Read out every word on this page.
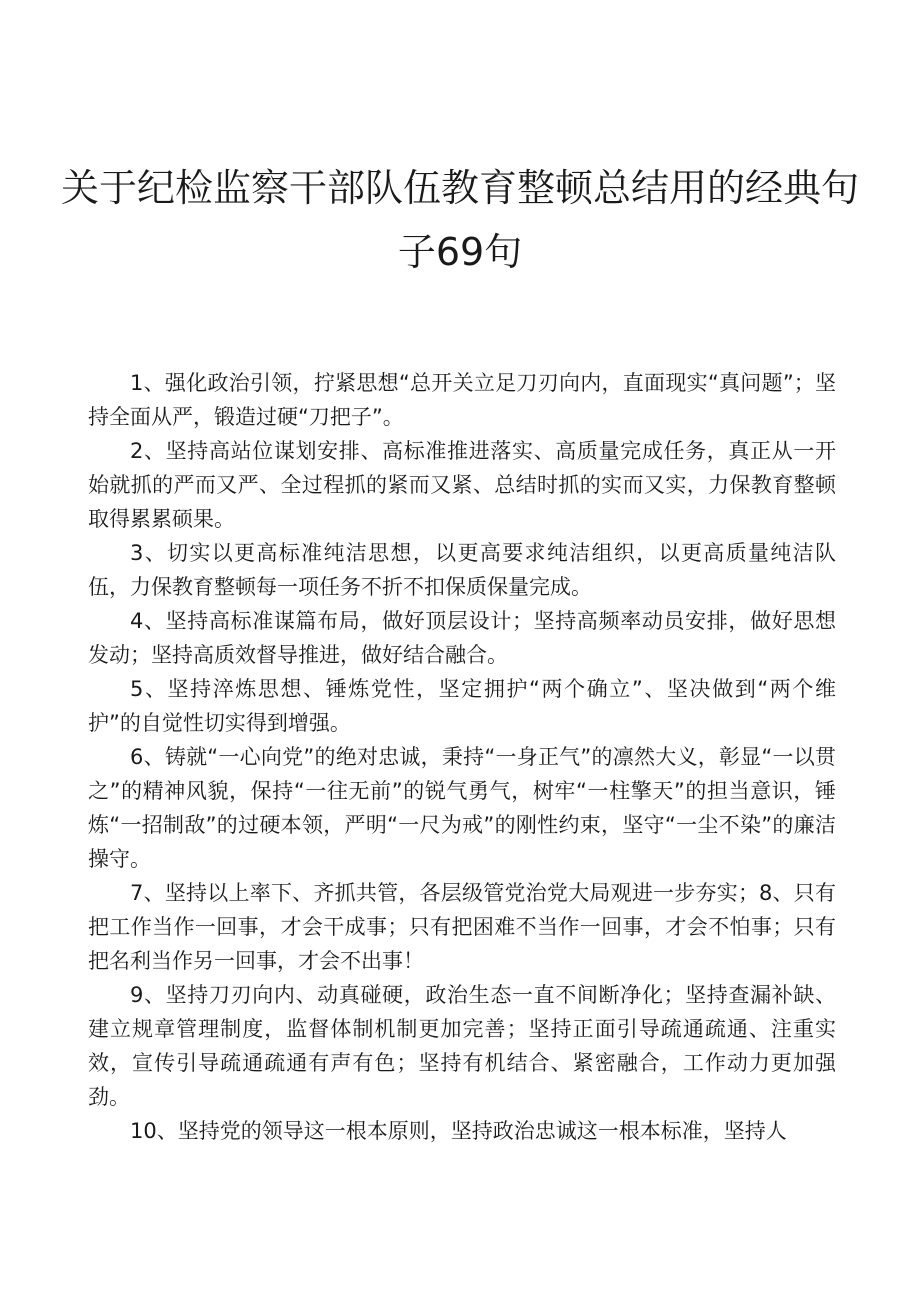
关于纪检监察干部队伍教育整顿总结用的经典句
子69句

1、强化政治引领，拧紧思想“总开关立足刀刃向内，直面现实“真问题”；坚持全面从严，锻造过硬“刀把子”。

2、坚持高站位谋划安排、高标准推进落实、高质量完成任务，真正从一开始就抓的严而又严、全过程抓的紧而又紧、总结时抓的实而又实，力保教育整顿取得累累硕果。

3、切实以更高标准纯洁思想，以更高要求纯洁组织，以更高质量纯洁队伍，力保教育整顿每一项任务不折不扣保质保量完成。

4、坚持高标准谋篇布局，做好顶层设计；坚持高频率动员安排，做好思想发动；坚持高质效督导推进，做好结合融合。

5、坚持淬炼思想、锤炼党性，坚定拥护“两个确立”、坚决做到“两个维护”的自觉性切实得到增强。

6、铸就“一心向党”的绝对忠诚，秉持“一身正气”的凛然大义，彰显“一以贯之”的精神风貌，保持“一往无前”的锐气勇气，树牢“一柱擎天”的担当意识，锤炼“一招制敌”的过硬本领，严明“一尺为戒”的刚性约束，坚守“一尘不染”的廉洁操守。

7、坚持以上率下、齐抓共管，各层级管党治党大局观进一步夯实；8、只有把工作当作一回事，才会干成事；只有把困难不当作一回事，才会不怕事；只有把名利当作另一回事，才会不出事！

9、坚持刀刃向内、动真碰硬，政治生态一直不间断净化；坚持查漏补缺、建立规章管理制度，监督体制机制更加完善；坚持正面引导疏通疏通、注重实效，宣传引导疏通疏通有声有色；坚持有机结合、紧密融合，工作动力更加强劲。

10、坚持党的领导这一根本原则，坚持政治忠诚这一根本标准，坚持人
